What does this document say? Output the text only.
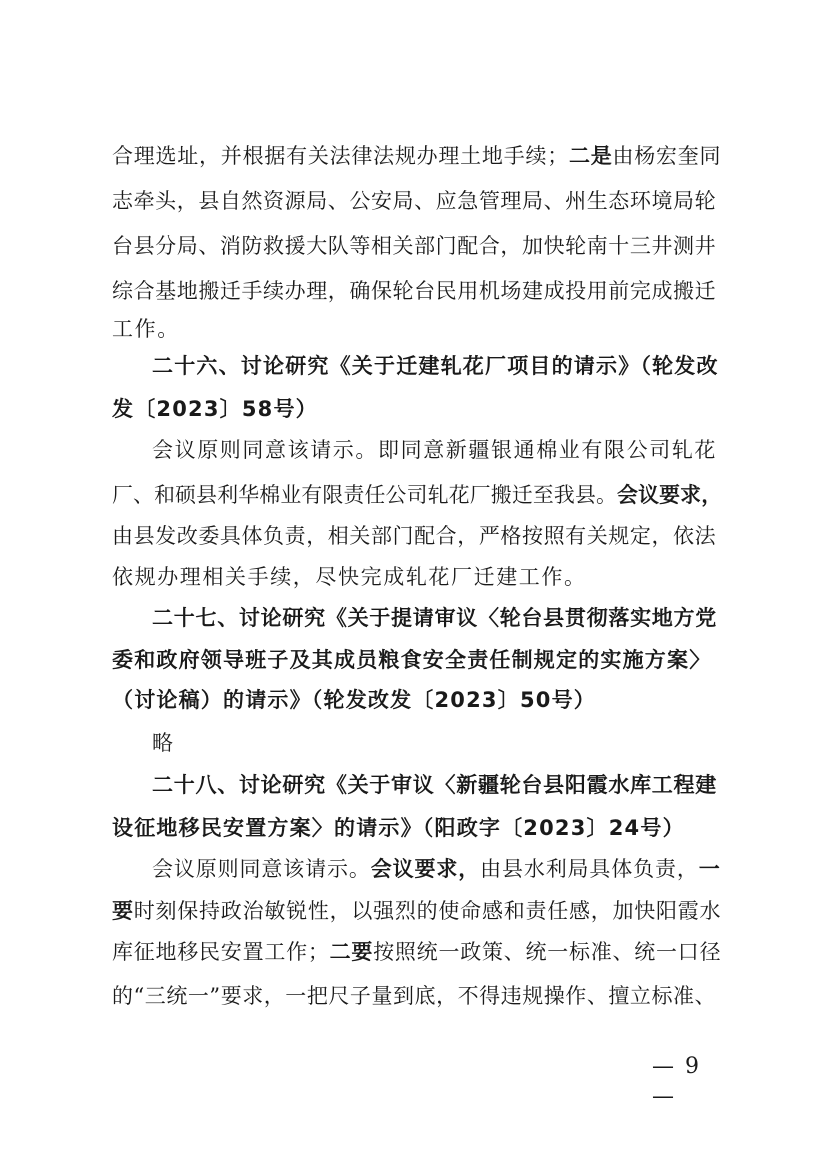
合理选址，并根据有关法律法规办理土地手续；二是由杨宏奎同
志牵头，县自然资源局、公安局、应急管理局、州生态环境局轮
台县分局、消防救援大队等相关部门配合，加快轮南十三井测井
综合基地搬迁手续办理，确保轮台民用机场建成投用前完成搬迁
工作。
二十六、讨论研究《关于迁建轧花厂项目的请示》（轮发改
发〔2023〕58号）
会议原则同意该请示。即同意新疆银通棉业有限公司轧花
厂、和硕县利华棉业有限责任公司轧花厂搬迁至我县。会议要求，
由县发改委具体负责，相关部门配合，严格按照有关规定，依法
依规办理相关手续，尽快完成轧花厂迁建工作。
二十七、讨论研究《关于提请审议〈轮台县贯彻落实地方党
委和政府领导班子及其成员粮食安全责任制规定的实施方案〉
（讨论稿）的请示》（轮发改发〔2023〕50号）
略
二十八、讨论研究《关于审议〈新疆轮台县阳霞水库工程建
设征地移民安置方案〉的请示》（阳政字〔2023〕24号）
会议原则同意该请示。会议要求，由县水利局具体负责，一
要时刻保持政治敏锐性，以强烈的使命感和责任感，加快阳霞水
库征地移民安置工作；二要按照统一政策、统一标准、统一口径
的“三统一”要求，一把尺子量到底，不得违规操作、擅立标准、
— 9 —
